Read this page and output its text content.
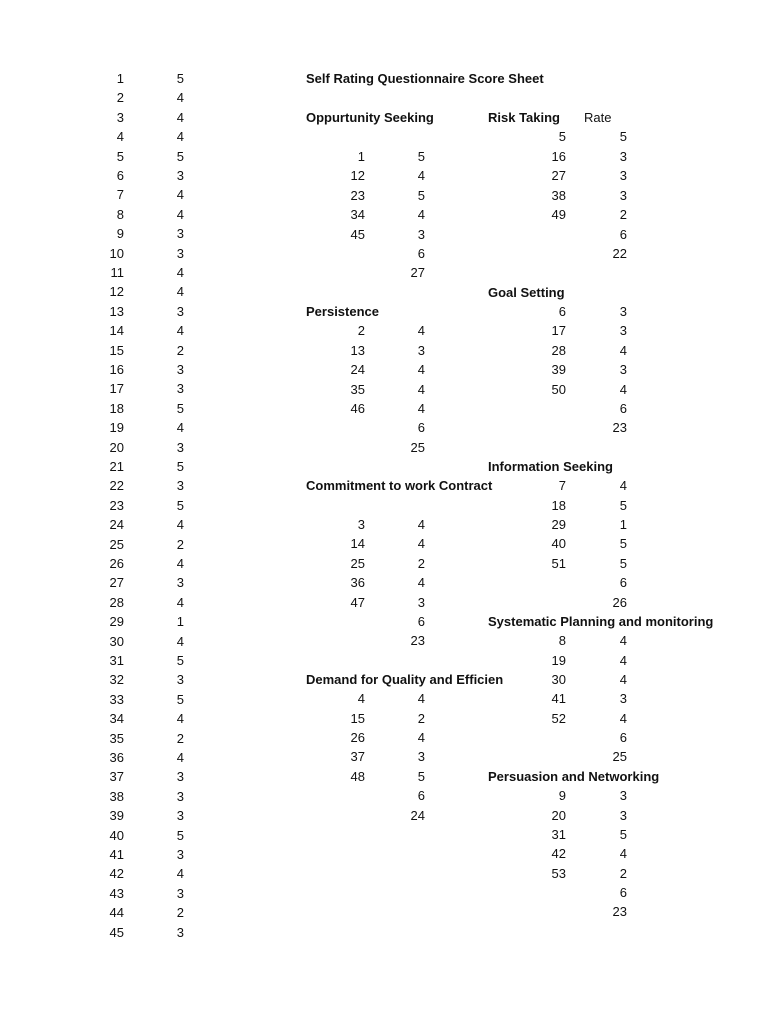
1	5
2	4
3	4
4	4
5	5
6	3
7	4
8	4
9	3
10	3
11	4
12	4
13	3
14	4
15	2
16	3
17	3
18	5
19	4
20	3
21	5
22	3
23	5
24	4
25	2
26	4
27	3
28	4
29	1
30	4
31	5
32	3
33	5
34	4
35	2
36	4
37	3
38	3
39	3
40	5
41	3
42	4
43	3
44	2
45	3
Self Rating Questionnaire Score Sheet
Oppurtunity Seeking
1	5
12	4
23	5
34	4
45	3
6
27
Persistence
2	4
13	3
24	4
35	4
46	4
6
25
Commitment to work Contract
3	4
14	4
25	2
36	4
47	3
6
23
Demand for Quality and Efficien
4	4
15	2
26	4
37	3
48	5
6
24
Risk Taking Rate
5	5
16	3
27	3
38	3
49	2
6
22
Goal Setting
6	3
17	3
28	4
39	3
50	4
6
23
Information Seeking
7	4
18	5
29	1
40	5
51	5
6
26
Systematic Planning and monitoring
8	4
19	4
30	4
41	3
52	4
6
25
Persuasion and Networking
9	3
20	3
31	5
42	4
53	2
6
23
